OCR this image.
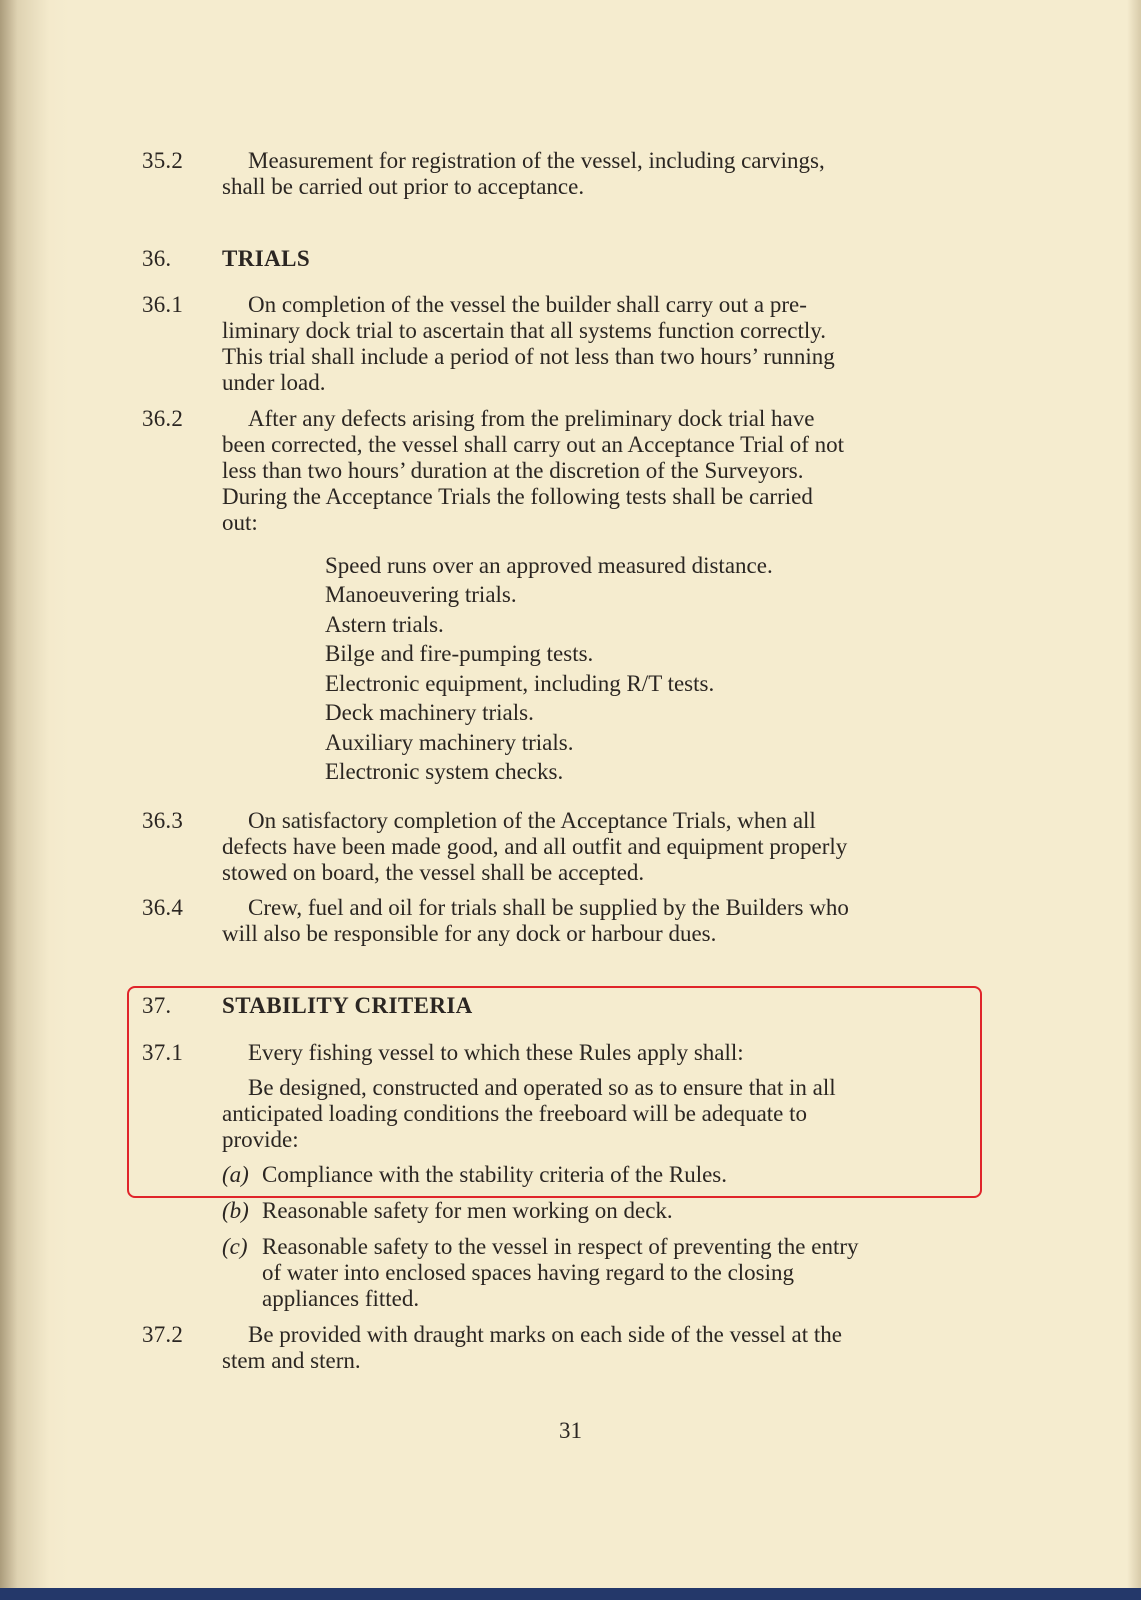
35.2	Measurement for registration of the vessel, including carvings,
shall be carried out prior to acceptance.
36. TRIALS
36.1	On completion of the vessel the builder shall carry out a pre-
liminary dock trial to ascertain that all systems function correctly.
This trial shall include a period of not less than two hours’ running
under load.
36.2	After any defects arising from the preliminary dock trial have
been corrected, the vessel shall carry out an Acceptance Trial of not
less than two hours’ duration at the discretion of the Surveyors.
During the Acceptance Trials the following tests shall be carried
out:
Speed runs over an approved measured distance.
Manoeuvering trials.
Astern trials.
Bilge and fire-pumping tests.
Electronic equipment, including R/T tests.
Deck machinery trials.
Auxiliary machinery trials.
Electronic system checks.
36.3	On satisfactory completion of the Acceptance Trials, when all
defects have been made good, and all outfit and equipment properly
stowed on board, the vessel shall be accepted.
36.4	Crew, fuel and oil for trials shall be supplied by the Builders who
will also be responsible for any dock or harbour dues.
37. STABILITY CRITERIA
37.1	Every fishing vessel to which these Rules apply shall:
Be designed, constructed and operated so as to ensure that in all
anticipated loading conditions the freeboard will be adequate to
provide:
(a) Compliance with the stability criteria of the Rules.
(b) Reasonable safety for men working on deck.
(c) Reasonable safety to the vessel in respect of preventing the entry
of water into enclosed spaces having regard to the closing
appliances fitted.
37.2	Be provided with draught marks on each side of the vessel at the
stem and stern.
31
